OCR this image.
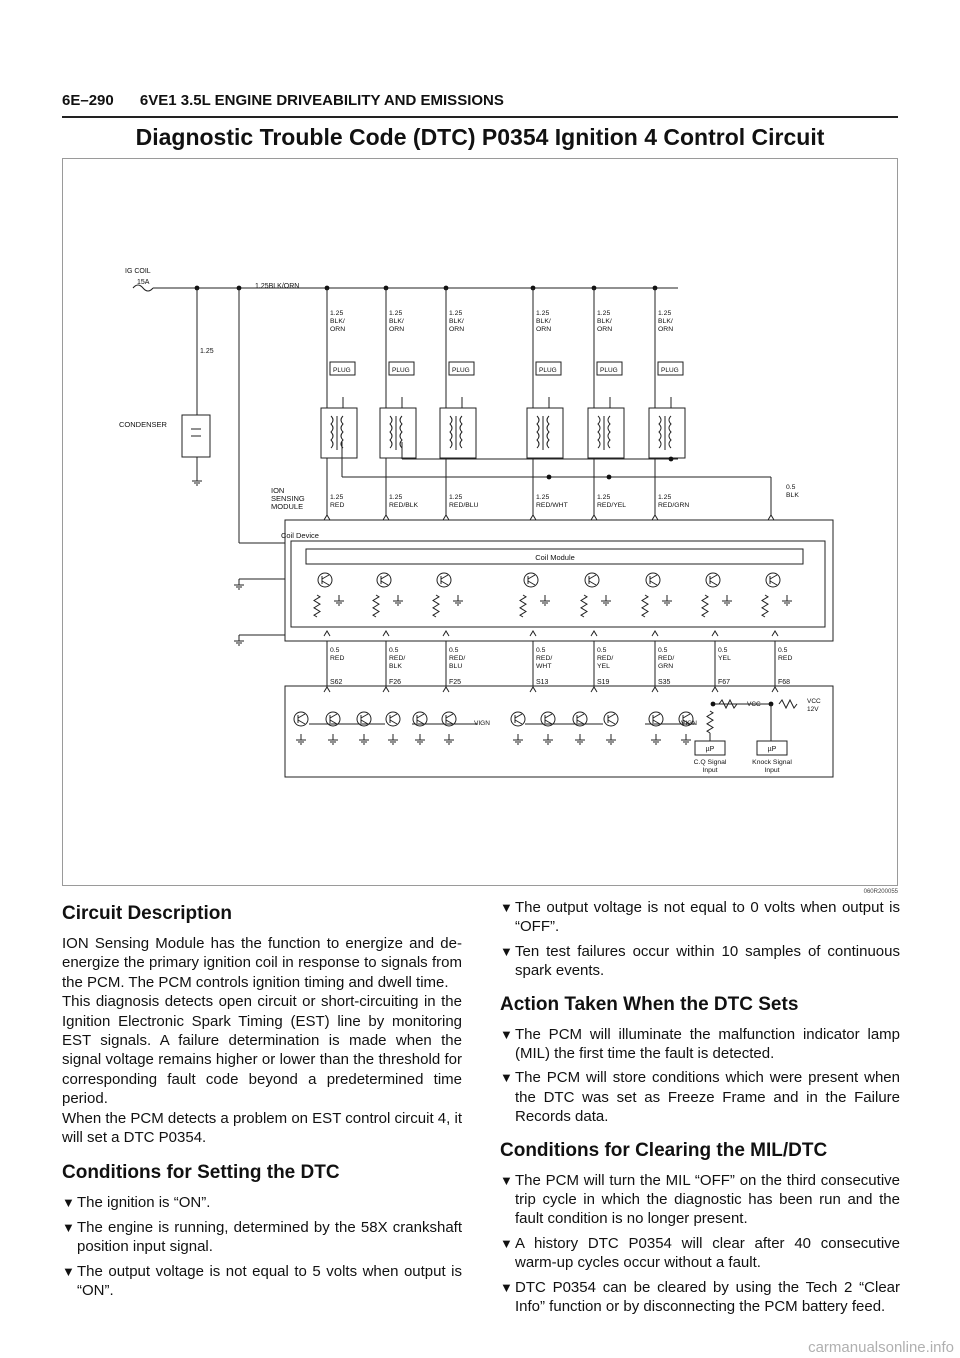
6E–290 6VE1 3.5L ENGINE DRIVEABILITY AND EMISSIONS
Diagnostic Trouble Code (DTC) P0354 Ignition 4 Control Circuit
IG COIL
15A
1.25BLK/ORN
1.25
CONDENSER
1.25
BLK/
ORN
PLUG
1.25
RED
1.25
BLK/
ORN
PLUG
1.25
RED/BLK
1.25
BLK/
ORN
PLUG
1.25
RED/BLU
1.25
BLK/
ORN
PLUG
1.25
RED/WHT
1.25
BLK/
ORN
PLUG
1.25
RED/YEL
1.25
BLK/
ORN
PLUG
1.25
RED/GRN
0.5
BLK
ION
SENSING
MODULE
Coil Device
Coil Module
0.5
RED
S62
0.5
RED/
BLK
F26
0.5
RED/
BLU
F25
0.5
RED/
WHT
S13
0.5
RED/
YEL
S19
0.5
RED/
GRN
S35
0.5
YEL
F67
0.5
RED
F68
VIGN	VIGN
VCC	VCC
12V
µP
C.Q Signal
Input
µP
Knock Signal
Input
060R200055
Circuit Description

ION Sensing Module has the function to energize and de-energize the primary ignition coil in response to signals from the PCM. The PCM controls ignition timing and dwell time.

This diagnosis detects open circuit or short-circuiting in the Ignition Electronic Spark Timing (EST) line by monitoring EST signals. A failure determination is made when the signal voltage remains higher or lower than the threshold for corresponding fault code beyond a predetermined time period.

When the PCM detects a problem on EST control circuit 4, it will set a DTC P0354.

Conditions for Setting the DTC
▼ The ignition is “ON”.
▼ The engine is running, determined by the 58X crankshaft position input signal.
▼ The output voltage is not equal to 5 volts when output is “ON”.
▼ The output voltage is not equal to 0 volts when output is “OFF”.
▼ Ten test failures occur within 10 samples of continuous spark events.
Action Taken When the DTC Sets
▼ The PCM will illuminate the malfunction indicator lamp (MIL) the first time the fault is detected.
▼ The PCM will store conditions which were present when the DTC was set as Freeze Frame and in the Failure Records data.
Conditions for Clearing the MIL/DTC
▼ The PCM will turn the MIL “OFF” on the third consecutive trip cycle in which the diagnostic has been run and the fault condition is no longer present.
▼ A history DTC P0354 will clear after 40 consecutive warm-up cycles occur without a fault.
▼ DTC P0354 can be cleared by using the Tech 2 “Clear Info” function or by disconnecting the PCM battery feed.
carmanualsonline.info
